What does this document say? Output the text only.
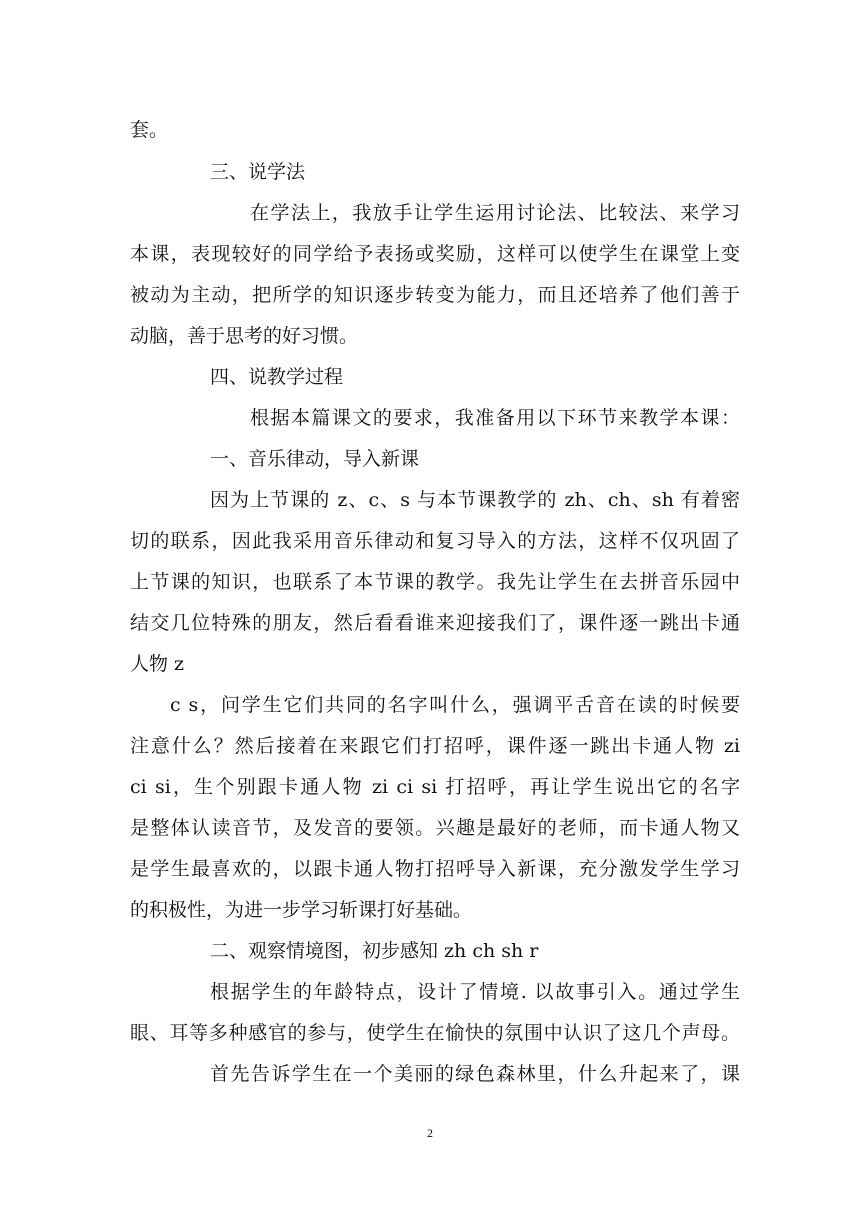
套。
三、说学法
在学法上，我放手让学生运用讨论法、比较法、来学习
本课，表现较好的同学给予表扬或奖励，这样可以使学生在课堂上变
被动为主动，把所学的知识逐步转变为能力，而且还培养了他们善于
动脑，善于思考的好习惯。
四、说教学过程
根据本篇课文的要求，我准备用以下环节来教学本课：
一、音乐律动，导入新课
因为上节课的 z、c、s 与本节课教学的 zh、ch、sh 有着密
切的联系，因此我采用音乐律动和复习导入的方法，这样不仅巩固了
上节课的知识，也联系了本节课的教学。我先让学生在去拼音乐园中
结交几位特殊的朋友，然后看看谁来迎接我们了，课件逐一跳出卡通
人物 z
c s，问学生它们共同的名字叫什么，强调平舌音在读的时候要
注意什么？然后接着在来跟它们打招呼，课件逐一跳出卡通人物 zi
ci si，生个别跟卡通人物 zi ci si 打招呼，再让学生说出它的名字
是整体认读音节，及发音的要领。兴趣是最好的老师，而卡通人物又
是学生最喜欢的，以跟卡通人物打招呼导入新课，充分激发学生学习
的积极性，为进一步学习斩课打好基础。
二、观察情境图，初步感知 zh ch sh r
根据学生的年龄特点，设计了情境. 以故事引入。通过学生
眼、耳等多种感官的参与，使学生在愉快的氛围中认识了这几个声母。
首先告诉学生在一个美丽的绿色森林里，什么升起来了，课
2
